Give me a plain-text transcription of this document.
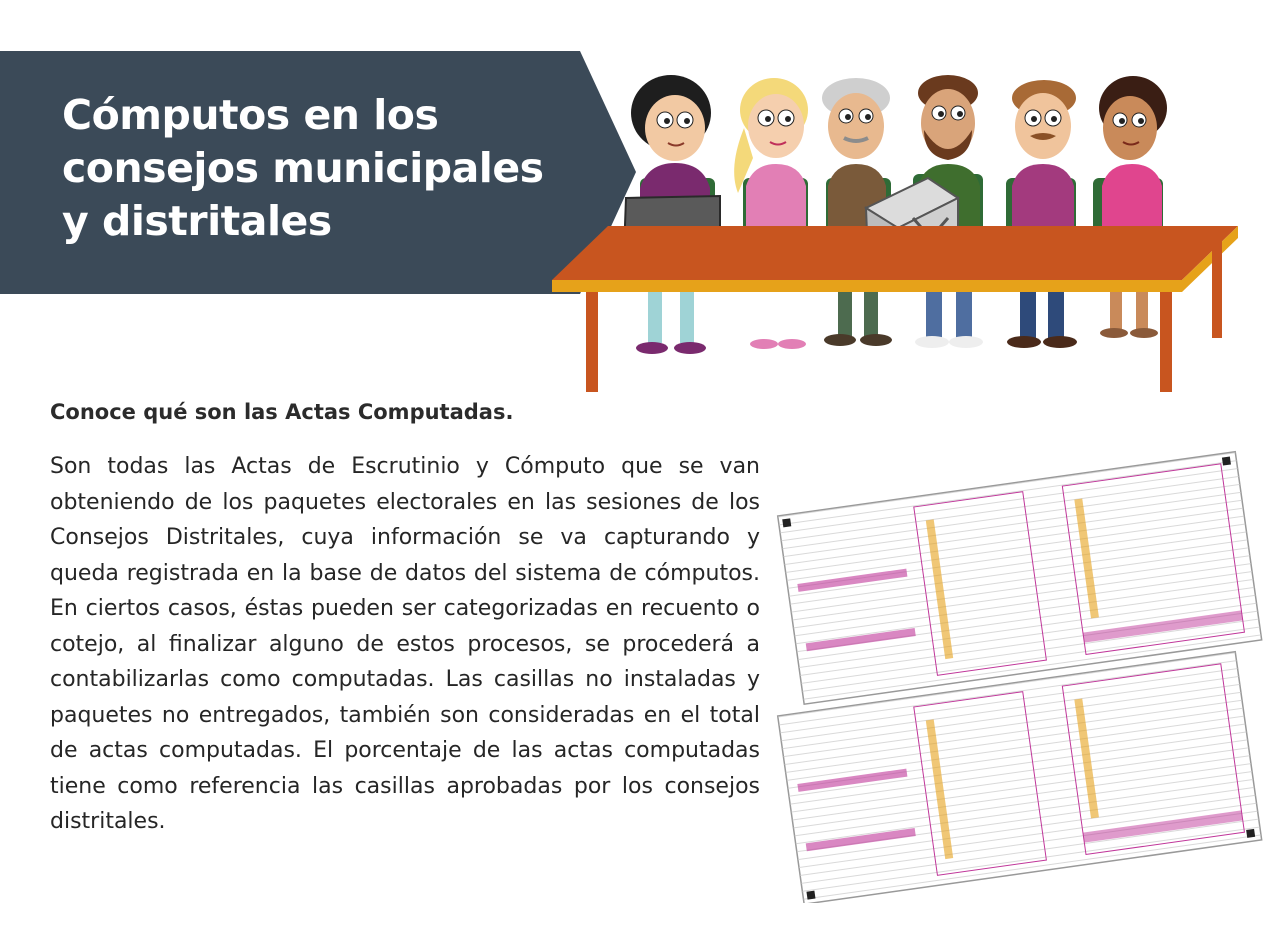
Cómputos en los consejos municipales y distritales
Conoce qué son las Actas Computadas.

Son todas las Actas de Escrutinio y Cómputo que se van obteniendo de los paquetes electorales en las sesiones de los Consejos Distritales, cuya información se va capturando y queda registrada en la base de datos del sistema de cómputos. En ciertos casos, éstas pueden ser categorizadas en recuento o cotejo, al finalizar alguno de estos procesos, se procederá a contabilizarlas como computadas. Las casillas no instaladas y paquetes no entregados, también son consideradas en el total de actas computadas. El porcentaje de las actas computadas tiene como referencia las casillas aprobadas por los consejos distritales.
